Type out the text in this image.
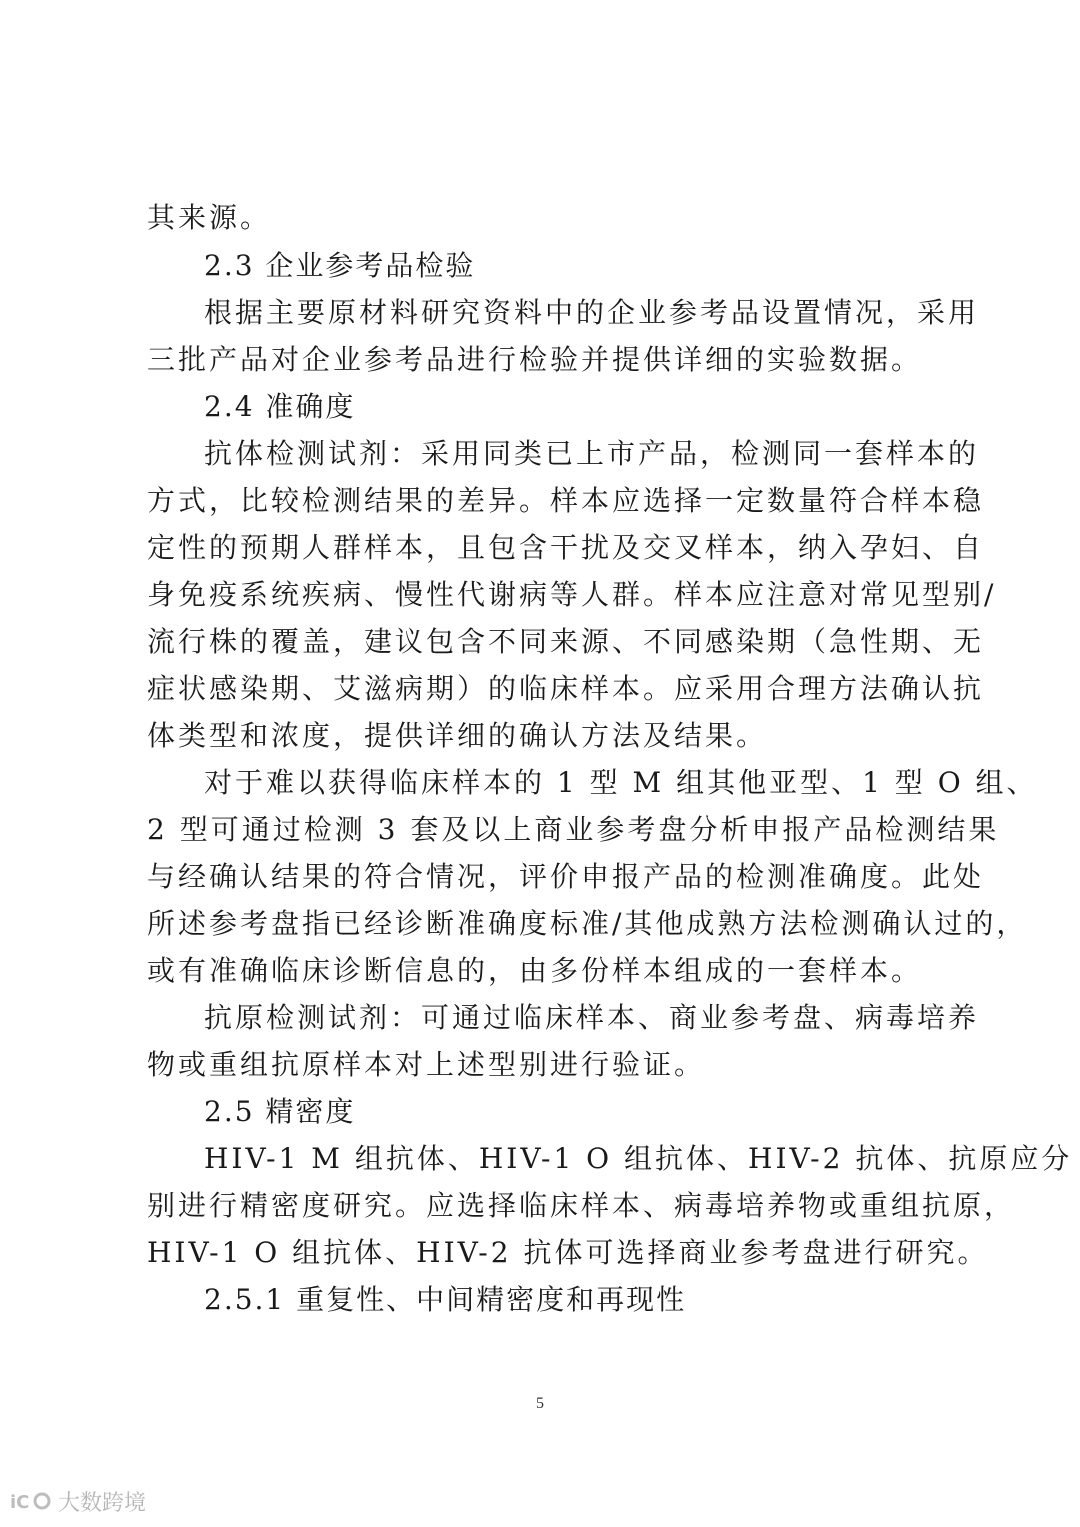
其来源。
2.3 企业参考品检验
根据主要原材料研究资料中的企业参考品设置情况，采用
三批产品对企业参考品进行检验并提供详细的实验数据。
2.4 准确度
抗体检测试剂：采用同类已上市产品，检测同一套样本的
方式，比较检测结果的差异。样本应选择一定数量符合样本稳
定性的预期人群样本，且包含干扰及交叉样本，纳入孕妇、自
身免疫系统疾病、慢性代谢病等人群。样本应注意对常见型别/
流行株的覆盖，建议包含不同来源、不同感染期（急性期、无
症状感染期、艾滋病期）的临床样本。应采用合理方法确认抗
体类型和浓度，提供详细的确认方法及结果。
对于难以获得临床样本的 1 型 M 组其他亚型、1 型 O 组、
2 型可通过检测 3 套及以上商业参考盘分析申报产品检测结果
与经确认结果的符合情况，评价申报产品的检测准确度。此处
所述参考盘指已经诊断准确度标准/其他成熟方法检测确认过的，
或有准确临床诊断信息的，由多份样本组成的一套样本。
抗原检测试剂：可通过临床样本、商业参考盘、病毒培养
物或重组抗原样本对上述型别进行验证。
2.5 精密度
HIV-1 M 组抗体、HIV-1 O 组抗体、HIV-2 抗体、抗原应分
别进行精密度研究。应选择临床样本、病毒培养物或重组抗原，
HIV-1 O 组抗体、HIV-2 抗体可选择商业参考盘进行研究。
2.5.1 重复性、中间精密度和再现性
5
iC 大数跨境
